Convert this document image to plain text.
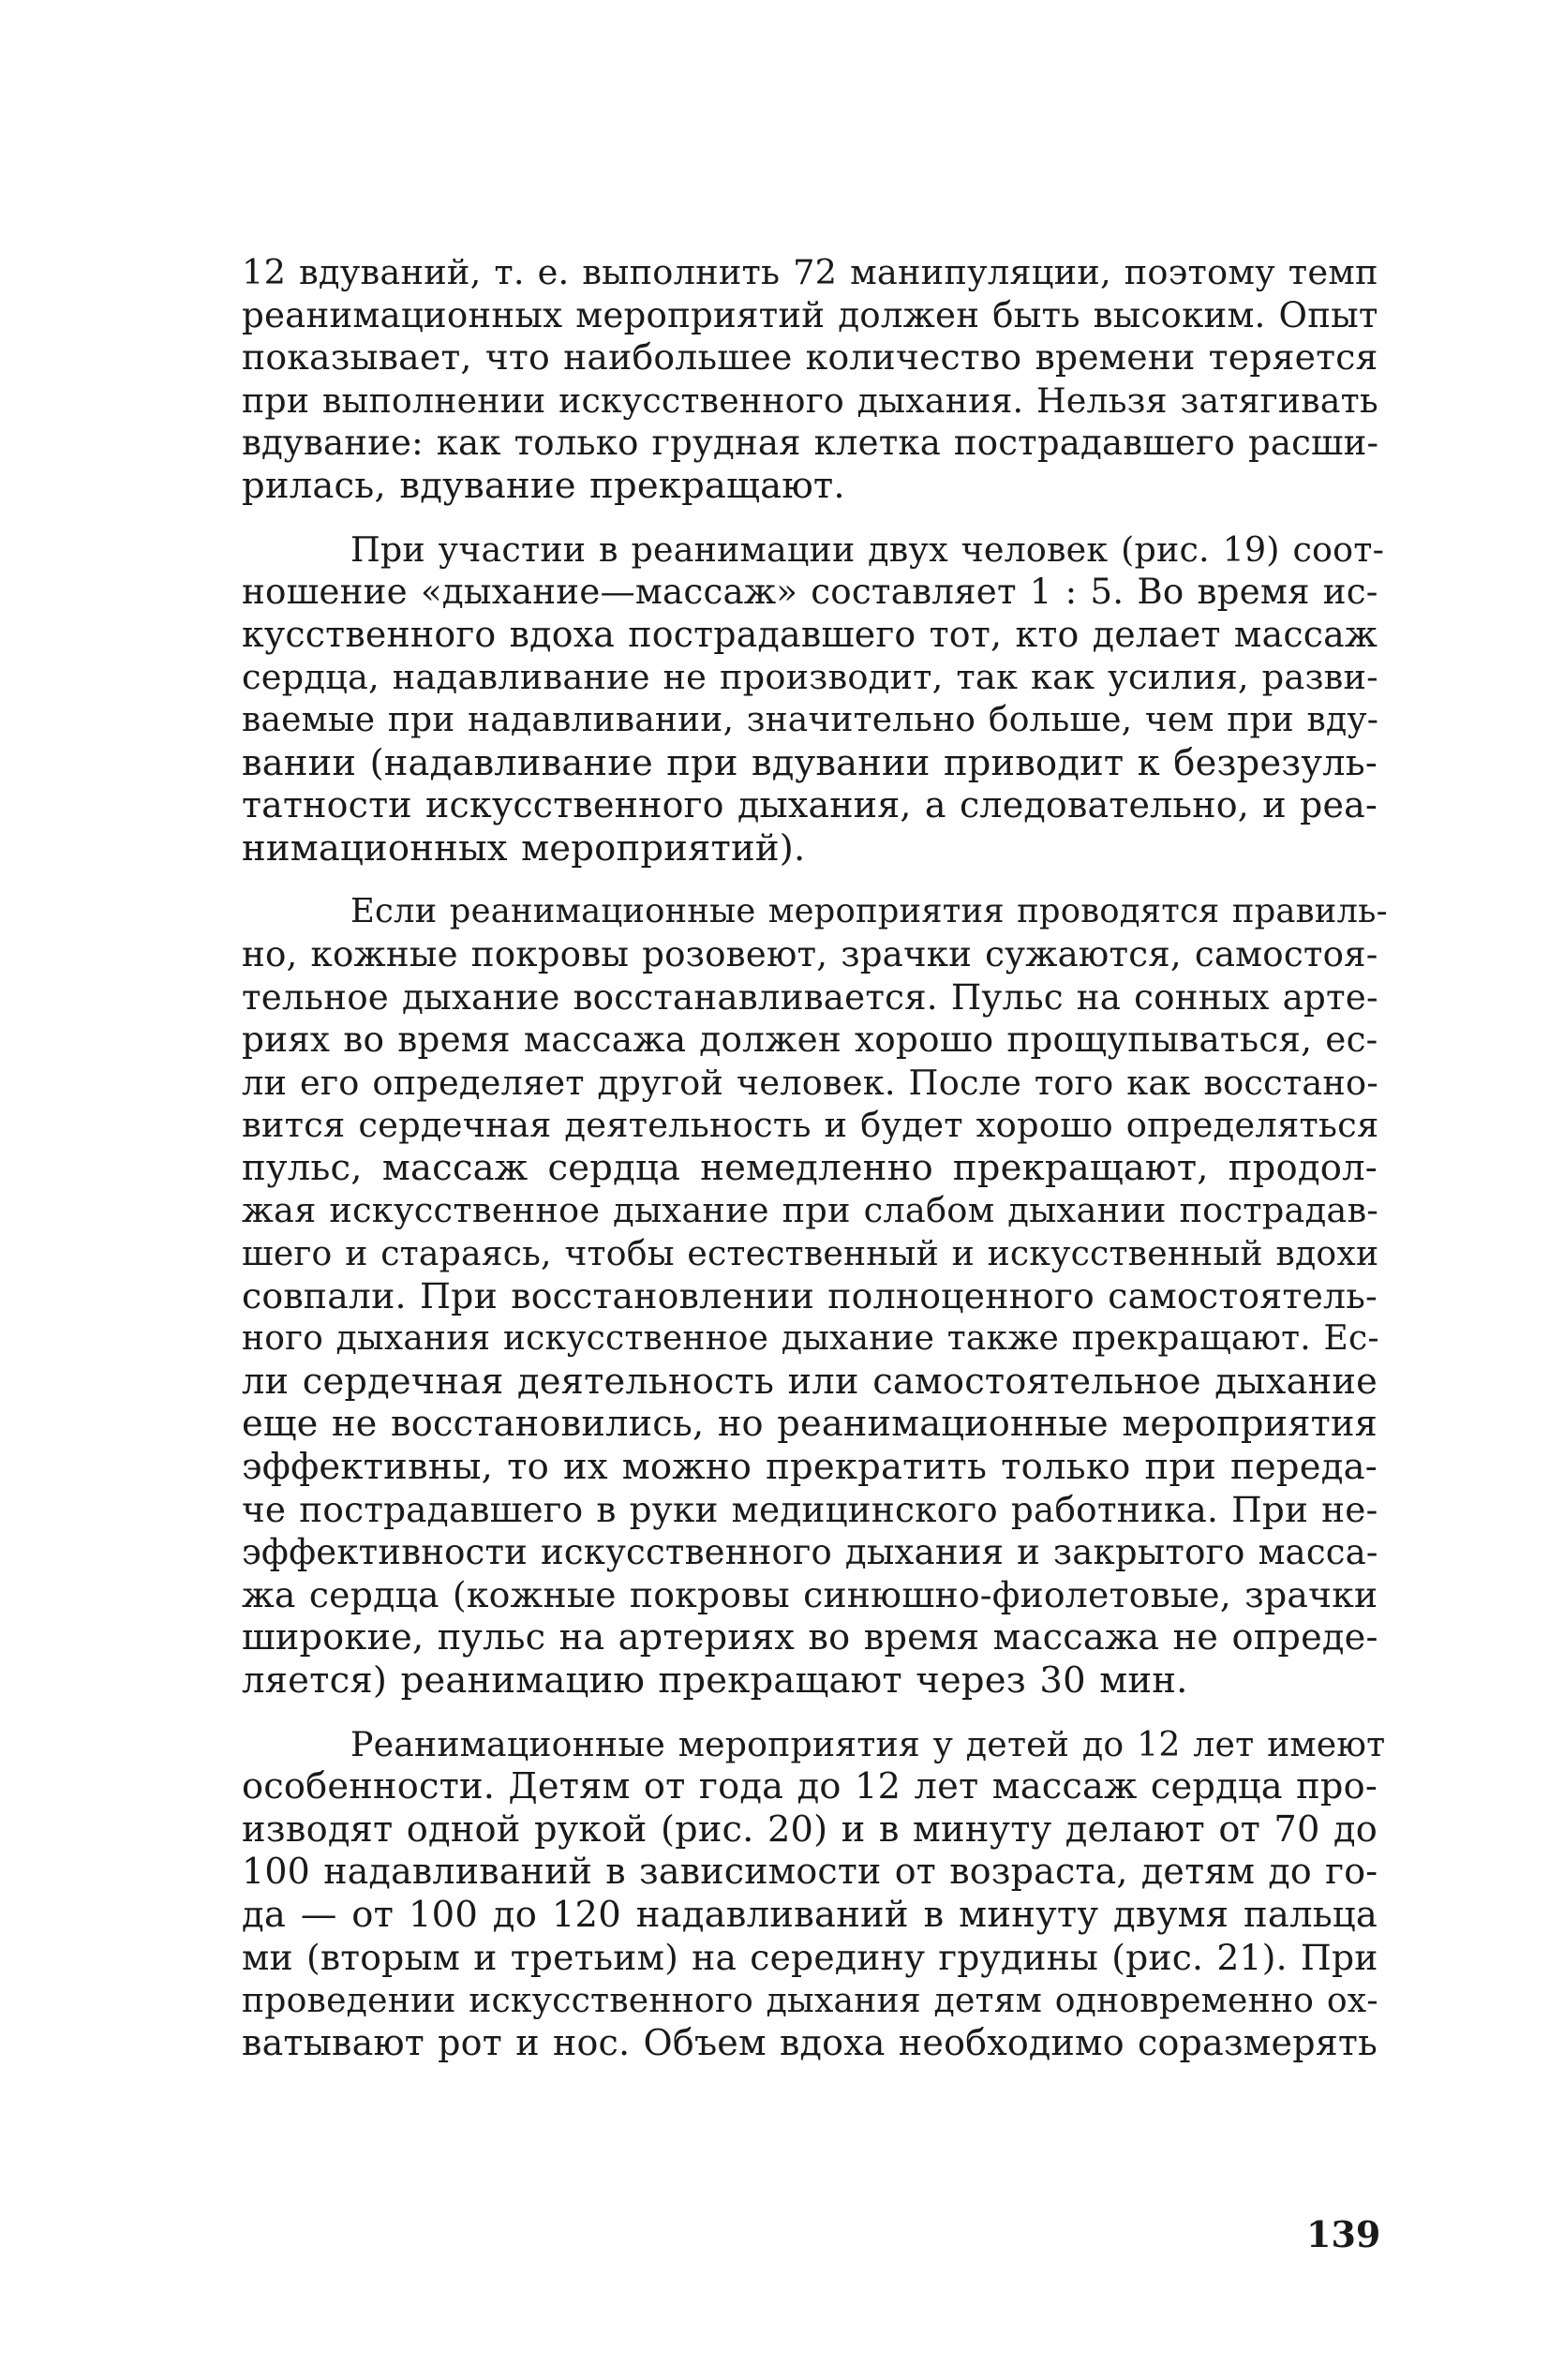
12 вдуваний, т. е. выполнить 72 манипуляции, поэтому темп
реанимационных мероприятий должен быть высоким. Опыт
показывает, что наибольшее количество времени теряется
при выполнении искусственного дыхания. Нельзя затягивать
вдувание: как только грудная клетка пострадавшего расши-
рилась, вдувание прекращают.
При участии в реанимации двух человек (рис. 19) соот-
ношение «дыхание—массаж» составляет 1 : 5. Во время ис-
кусственного вдоха пострадавшего тот, кто делает массаж
сердца, надавливание не производит, так как усилия, разви-
ваемые при надавливании, значительно больше, чем при вду-
вании (надавливание при вдувании приводит к безрезуль-
татности искусственного дыхания, а следовательно, и реа-
нимационных мероприятий).
Если реанимационные мероприятия проводятся правиль-
но, кожные покровы розовеют, зрачки сужаются, самостоя-
тельное дыхание восстанавливается. Пульс на сонных арте-
риях во время массажа должен хорошо прощупываться, ес-
ли его определяет другой человек. После того как восстано-
вится сердечная деятельность и будет хорошо определяться
пульс, массаж сердца немедленно прекращают, продол-
жая искусственное дыхание при слабом дыхании пострадав-
шего и стараясь, чтобы естественный и искусственный вдохи
совпали. При восстановлении полноценного самостоятель-
ного дыхания искусственное дыхание также прекращают. Ес-
ли сердечная деятельность или самостоятельное дыхание
еще не восстановились, но реанимационные мероприятия
эффективны, то их можно прекратить только при переда-
че пострадавшего в руки медицинского работника. При не-
эффективности искусственного дыхания и закрытого масса-
жа сердца (кожные покровы синюшно-фиолетовые, зрачки
широкие, пульс на артериях во время массажа не опреде-
ляется) реанимацию прекращают через 30 мин.
Реанимационные мероприятия у детей до 12 лет имеют
особенности. Детям от года до 12 лет массаж сердца про-
изводят одной рукой (рис. 20) и в минуту делают от 70 до
100 надавливаний в зависимости от возраста, детям до го-
да — от 100 до 120 надавливаний в минуту двумя пальца
ми (вторым и третьим) на середину грудины (рис. 21). При
проведении искусственного дыхания детям одновременно ох-
ватывают рот и нос. Объем вдоха необходимо соразмерять
139
